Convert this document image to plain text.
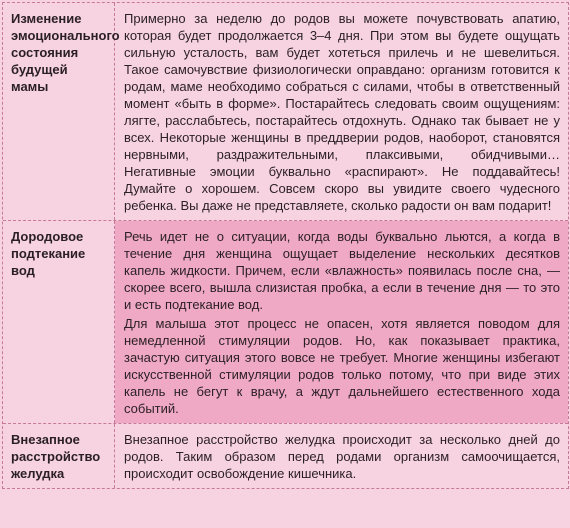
Изменение эмоционального состояния будущей мамы

Примерно за неделю до родов вы можете почувствовать апатию, которая будет продолжается 3–4 дня. При этом вы будете ощущать сильную усталость, вам будет хотеться прилечь и не шевелиться. Такое самочувствие физиологически оправдано: организм готовится к родам, маме необходимо собраться с силами, чтобы в ответственный момент «быть в форме». Постарайтесь следовать своим ощущениям: лягте, расслабьтесь, постарайтесь отдохнуть. Однако так бывает не у всех. Некоторые женщины в преддверии родов, наоборот, становятся нервными, раздражительными, плаксивыми, обидчивыми… Негативные эмоции буквально «распирают». Не поддавайтесь! Думайте о хорошем. Совсем скоро вы увидите своего чудесного ребенка. Вы даже не представляете, сколько радости он вам подарит!

Дородовое подтекание вод

Речь идет не о ситуации, когда воды буквально льются, а когда в течение дня женщина ощущает выделение нескольких десятков капель жидкости. Причем, если «влажность» появилась после сна, — скорее всего, вышла слизистая пробка, а если в течение дня — то это и есть подтекание вод.

Для малыша этот процесс не опасен, хотя является поводом для немедленной стимуляции родов. Но, как показывает практика, зачастую ситуация этого вовсе не требует. Многие женщины избегают искусственной стимуляции родов только потому, что при виде этих капель не бегут к врачу, а ждут дальнейшего естественного хода событий.

Внезапное расстройство желудка

Внезапное расстройство желудка происходит за несколько дней до родов. Таким образом перед родами организм самоочищается, происходит освобождение кишечника.
